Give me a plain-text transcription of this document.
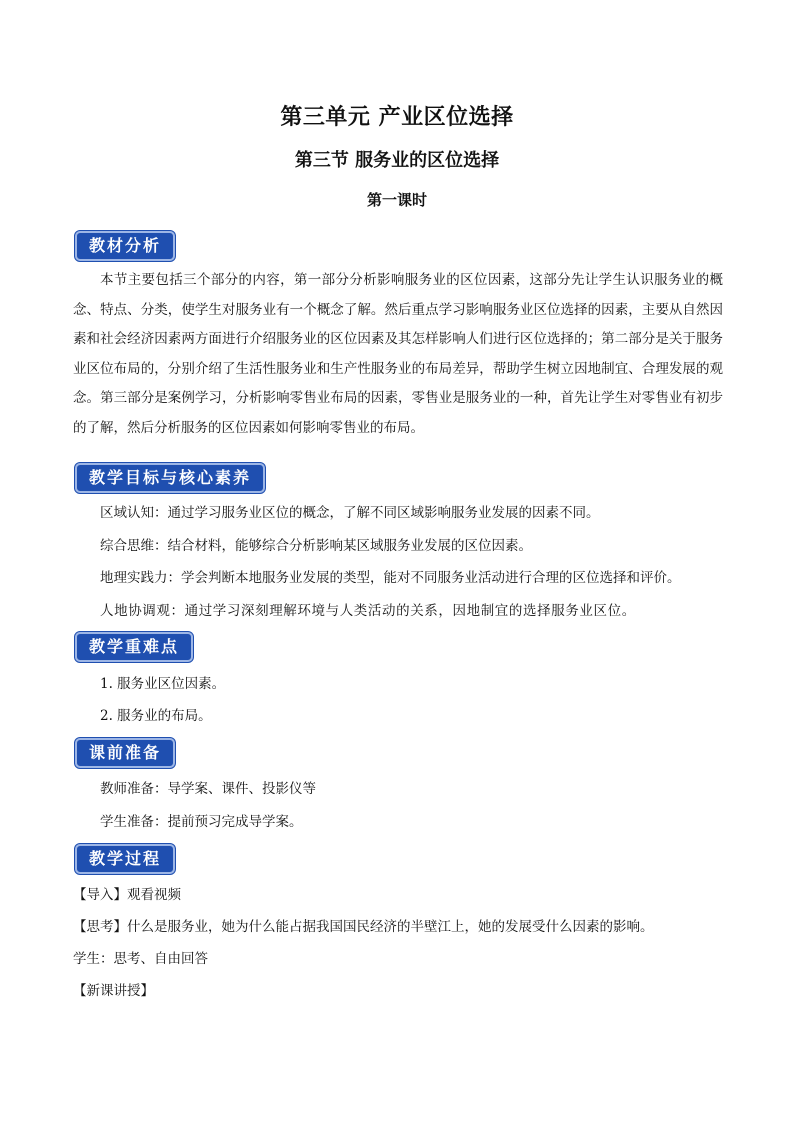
第三单元 产业区位选择
第三节 服务业的区位选择
第一课时
教材分析
本节主要包括三个部分的内容，第一部分分析影响服务业的区位因素，这部分先让学生认识服务业的概念、特点、分类，使学生对服务业有一个概念了解。然后重点学习影响服务业区位选择的因素，主要从自然因素和社会经济因素两方面进行介绍服务业的区位因素及其怎样影响人们进行区位选择的；第二部分是关于服务业区位布局的，分别介绍了生活性服务业和生产性服务业的布局差异，帮助学生树立因地制宜、合理发展的观念。第三部分是案例学习，分析影响零售业布局的因素，零售业是服务业的一种，首先让学生对零售业有初步的了解，然后分析服务的区位因素如何影响零售业的布局。
教学目标与核心素养
区域认知：通过学习服务业区位的概念，了解不同区域影响服务业发展的因素不同。
综合思维：结合材料，能够综合分析影响某区域服务业发展的区位因素。
地理实践力：学会判断本地服务业发展的类型，能对不同服务业活动进行合理的区位选择和评价。
人地协调观：通过学习深刻理解环境与人类活动的关系，因地制宜的选择服务业区位。
教学重难点
1. 服务业区位因素。
2. 服务业的布局。
课前准备
教师准备：导学案、课件、投影仪等
学生准备：提前预习完成导学案。
教学过程
【导入】观看视频
【思考】什么是服务业，她为什么能占据我国国民经济的半壁江上，她的发展受什么因素的影响。
学生：思考、自由回答
【新课讲授】
